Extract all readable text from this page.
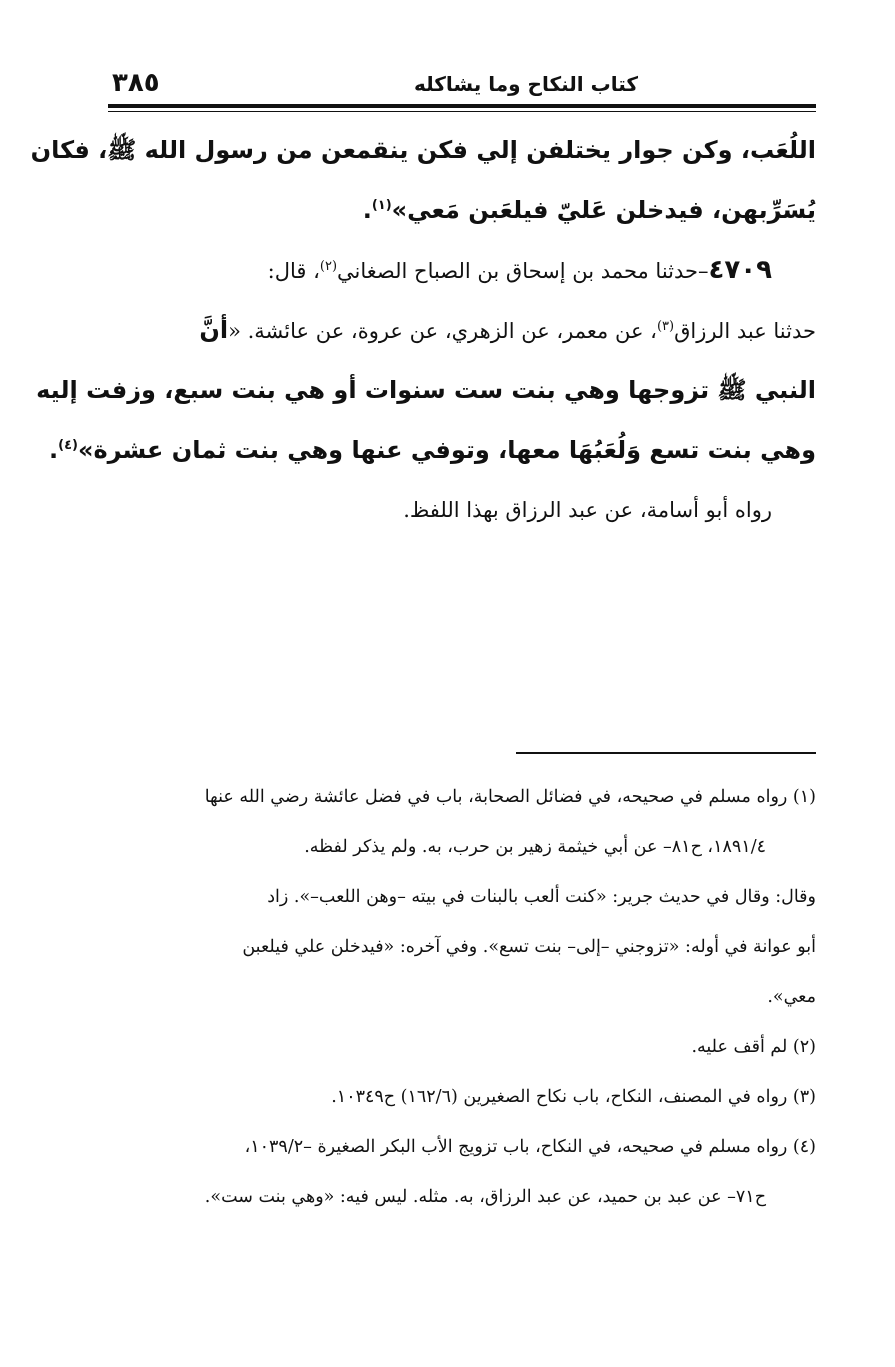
كتاب النكاح وما يشاكله
٣٨٥
اللُعَب، وكن جوار يختلفن إلي فكن ينقمعن من رسول الله ﷺ، فكان
يُسَرِّبهن، فيدخلن عَليّ فيلعَبن مَعي»$^{(١)}$.
٤٧٠٩–حدثنا محمد بن إسحاق بن الصباح الصغاني$^{(٢)}$، قال:
حدثنا عبد الرزاق$^{(٣)}$، عن معمر، عن الزهري، عن عروة، عن عائشة. «أنَّ
النبي ﷺ تزوجها وهي بنت ست سنوات أو هي بنت سبع، وزفت إليه
وهي بنت تسع وَلُعَبُهَا معها، وتوفي عنها وهي بنت ثمان عشرة»$^{(٤)}$.
رواه أبو أسامة، عن عبد الرزاق بهذا اللفظ.
(١) رواه مسلم في صحيحه، في فضائل الصحابة، باب في فضل عائشة رضي الله عنها
١٨٩١/٤، ح٨١– عن أبي خيثمة زهير بن حرب، به. ولم يذكر لفظه.
وقال: وقال في حديث جرير: «كنت ألعب بالبنات في بيته –وهن اللعب–». زاد
أبو عوانة في أوله: «تزوجني –إلى– بنت تسع». وفي آخره: «فيدخلن علي فيلعبن
معي».
(٢) لم أقف عليه.
(٣) رواه في المصنف، النكاح، باب نكاح الصغيرين (١٦٢/٦) ح١٠٣٤٩.
(٤) رواه مسلم في صحيحه، في النكاح، باب تزويج الأب البكر الصغيرة –١٠٣٩/٢،
ح٧١– عن عبد بن حميد، عن عبد الرزاق، به. مثله. ليس فيه: «وهي بنت ست».
